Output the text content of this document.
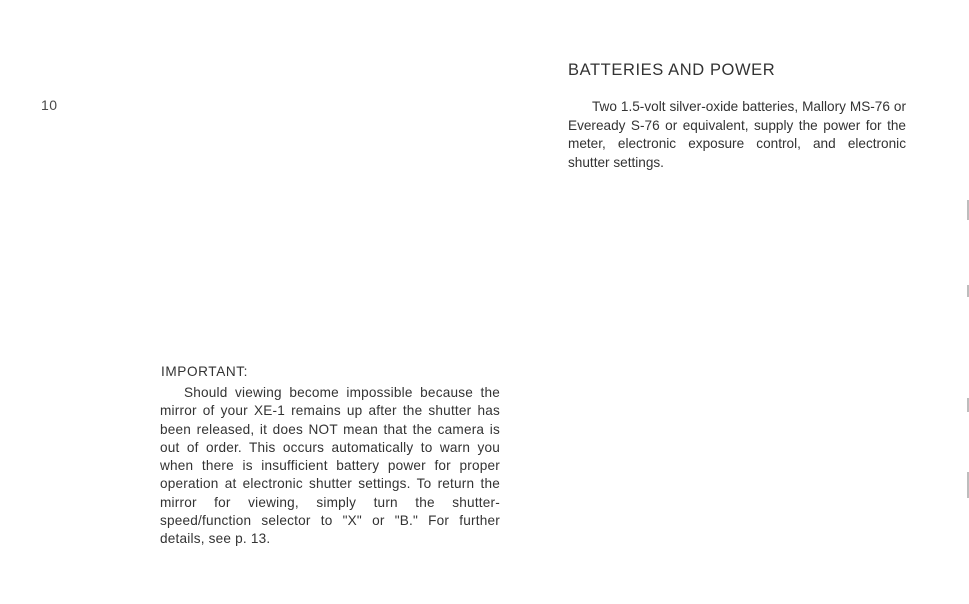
10
BATTERIES AND POWER

Two 1.5-volt silver-oxide batteries, Mallory MS-76 or Eveready S-76 or equivalent, supply the power for the meter, electronic exposure control, and electronic shutter settings.

IMPORTANT:

Should viewing become impossible because the mirror of your XE-1 remains up after the shutter has been released, it does NOT mean that the camera is out of order. This occurs automatically to warn you when there is insufficient battery power for proper operation at electronic shutter settings. To return the mirror for viewing, simply turn the shutter-speed/function selector to "X" or "B." For further details, see p. 13.
